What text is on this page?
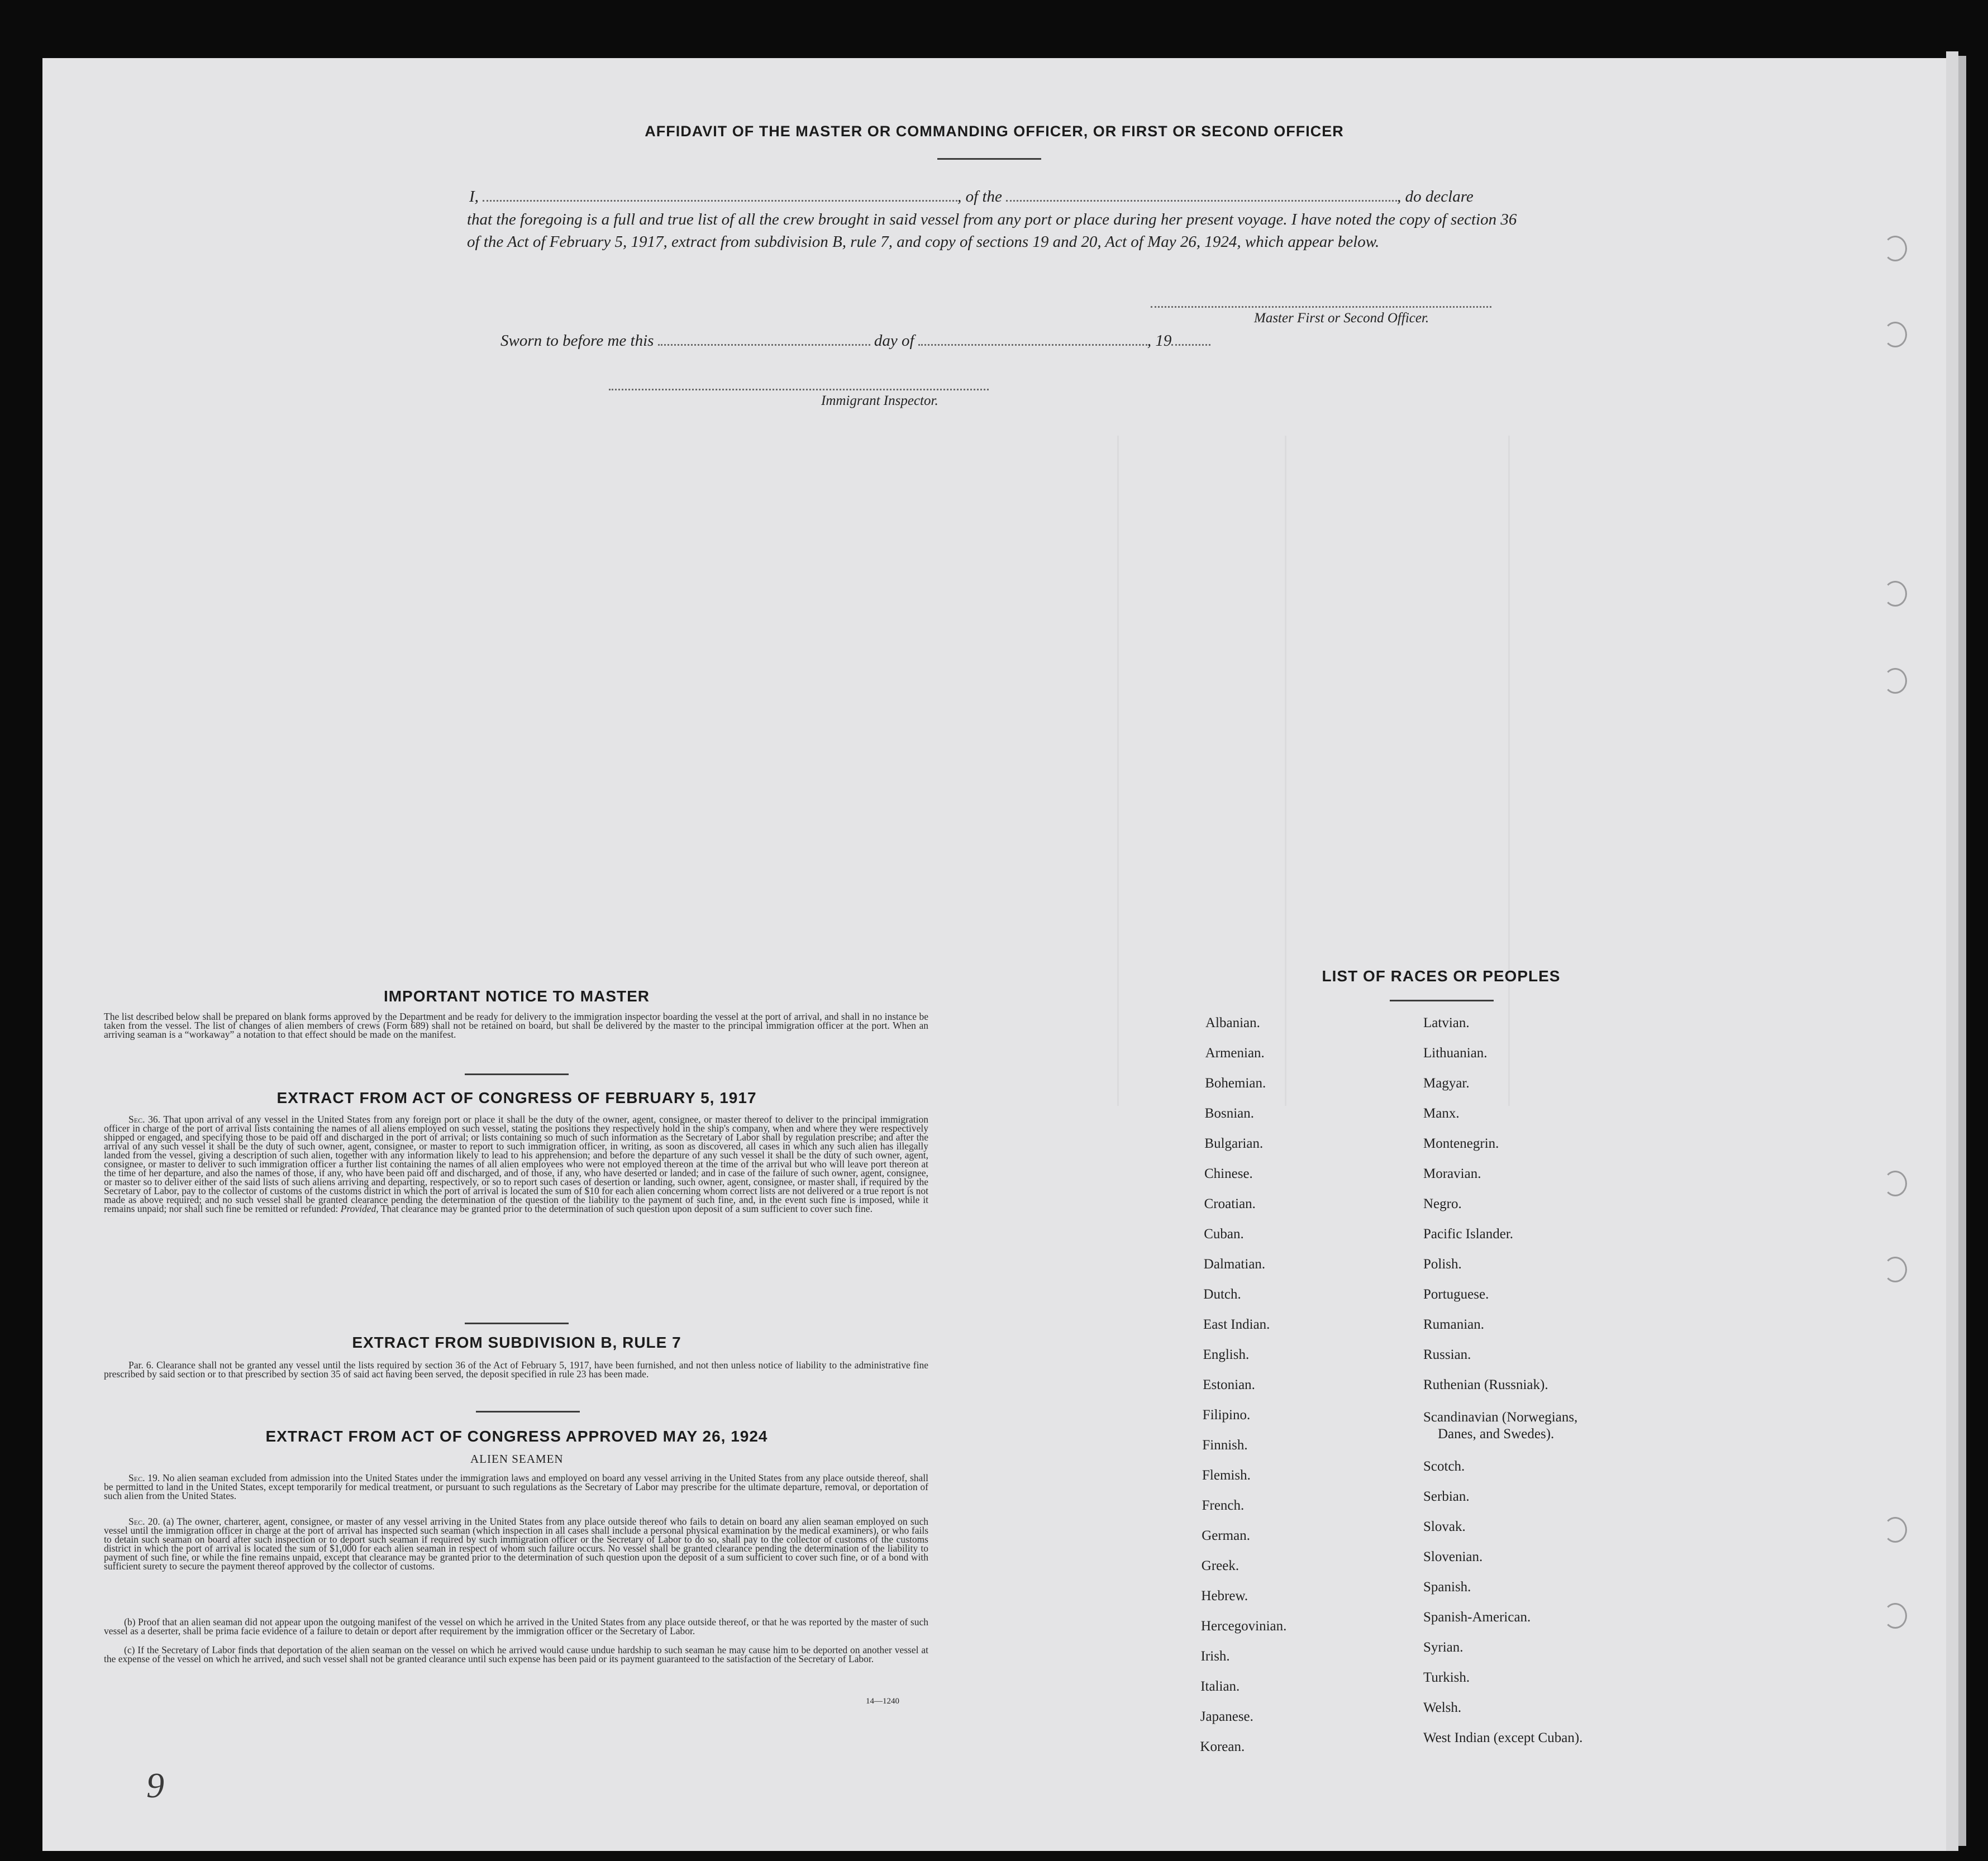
AFFIDAVIT OF THE MASTER OR COMMANDING OFFICER, OR FIRST OR SECOND OFFICER
I,	, of the	, do declare
that the foregoing is a full and true list of all the crew brought in said vessel from any port or place during her present voyage. I have noted the copy of section 36 of the Act of February 5, 1917, extract from subdivision B, rule 7, and copy of sections 19 and 20, Act of May 26, 1924, which appear below.
Master First or Second Officer.
Sworn to before me this	day of	, 19
Immigrant Inspector.
IMPORTANT NOTICE TO MASTER
The list described below shall be prepared on blank forms approved by the Department and be ready for delivery to the immigration inspector boarding the vessel at the port of arrival, and shall in no instance be taken from the vessel. The list of changes of alien members of crews (Form 689) shall not be retained on board, but shall be delivered by the master to the principal immigration officer at the port. When an arriving seaman is a “workaway” a notation to that effect should be made on the manifest.
EXTRACT FROM ACT OF CONGRESS OF FEBRUARY 5, 1917
Sec. 36. That upon arrival of any vessel in the United States from any foreign port or place it shall be the duty of the owner, agent, consignee, or master thereof to deliver to the principal immigration officer in charge of the port of arrival lists containing the names of all aliens employed on such vessel, stating the positions they respectively hold in the ship's company, when and where they were respectively shipped or engaged, and specifying those to be paid off and discharged in the port of arrival; or lists containing so much of such information as the Secretary of Labor shall by regulation prescribe; and after the arrival of any such vessel it shall be the duty of such owner, agent, consignee, or master to report to such immigration officer, in writing, as soon as discovered, all cases in which any such alien has illegally landed from the vessel, giving a description of such alien, together with any information likely to lead to his apprehension; and before the departure of any such vessel it shall be the duty of such owner, agent, consignee, or master to deliver to such immigration officer a further list containing the names of all alien employees who were not employed thereon at the time of the arrival but who will leave port thereon at the time of her departure, and also the names of those, if any, who have been paid off and discharged, and of those, if any, who have deserted or landed; and in case of the failure of such owner, agent, consignee, or master so to deliver either of the said lists of such aliens arriving and departing, respectively, or so to report such cases of desertion or landing, such owner, agent, consignee, or master shall, if required by the Secretary of Labor, pay to the collector of customs of the customs district in which the port of arrival is located the sum of $10 for each alien concerning whom correct lists are not delivered or a true report is not made as above required; and no such vessel shall be granted clearance pending the determination of the question of the liability to the payment of such fine, and, in the event such fine is imposed, while it remains unpaid; nor shall such fine be remitted or refunded: Provided, That clearance may be granted prior to the determination of such question upon deposit of a sum sufficient to cover such fine.
EXTRACT FROM SUBDIVISION B, RULE 7
Par. 6. Clearance shall not be granted any vessel until the lists required by section 36 of the Act of February 5, 1917, have been furnished, and not then unless notice of liability to the administrative fine prescribed by said section or to that prescribed by section 35 of said act having been served, the deposit specified in rule 23 has been made.
EXTRACT FROM ACT OF CONGRESS APPROVED MAY 26, 1924
ALIEN SEAMEN
Sec. 19. No alien seaman excluded from admission into the United States under the immigration laws and employed on board any vessel arriving in the United States from any place outside thereof, shall be permitted to land in the United States, except temporarily for medical treatment, or pursuant to such regulations as the Secretary of Labor may prescribe for the ultimate departure, removal, or deportation of such alien from the United States.
Sec. 20. (a) The owner, charterer, agent, consignee, or master of any vessel arriving in the United States from any place outside thereof who fails to detain on board any alien seaman employed on such vessel until the immigration officer in charge at the port of arrival has inspected such seaman (which inspection in all cases shall include a personal physical examination by the medical examiners), or who fails to detain such seaman on board after such inspection or to deport such seaman if required by such immigration officer or the Secretary of Labor to do so, shall pay to the collector of customs of the customs district in which the port of arrival is located the sum of $1,000 for each alien seaman in respect of whom such failure occurs. No vessel shall be granted clearance pending the determination of the liability to payment of such fine, or while the fine remains unpaid, except that clearance may be granted prior to the determination of such question upon the deposit of a sum sufficient to cover such fine, or of a bond with sufficient surety to secure the payment thereof approved by the collector of customs.
(b) Proof that an alien seaman did not appear upon the outgoing manifest of the vessel on which he arrived in the United States from any place outside thereof, or that he was reported by the master of such vessel as a deserter, shall be prima facie evidence of a failure to detain or deport after requirement by the immigration officer or the Secretary of Labor.
(c) If the Secretary of Labor finds that deportation of the alien seaman on the vessel on which he arrived would cause undue hardship to such seaman he may cause him to be deported on another vessel at the expense of the vessel on which he arrived, and such vessel shall not be granted clearance until such expense has been paid or its payment guaranteed to the satisfaction of the Secretary of Labor.
14—1240
LIST OF RACES OR PEOPLES
Albanian.
Armenian.
Bohemian.
Bosnian.
Bulgarian.
Chinese.
Croatian.
Cuban.
Dalmatian.
Dutch.
East Indian.
English.
Estonian.
Filipino.
Finnish.
Flemish.
French.
German.
Greek.
Hebrew.
Hercegovinian.
Irish.
Italian.
Japanese.
Korean.
Latvian.
Lithuanian.
Magyar.
Manx.
Montenegrin.
Moravian.
Negro.
Pacific Islander.
Polish.
Portuguese.
Rumanian.
Russian.
Ruthenian (Russniak).
Scandinavian (Norwegians,
Danes, and Swedes).
Scotch.
Serbian.
Slovak.
Slovenian.
Spanish.
Spanish-American.
Syrian.
Turkish.
Welsh.
West Indian (except Cuban).
9
